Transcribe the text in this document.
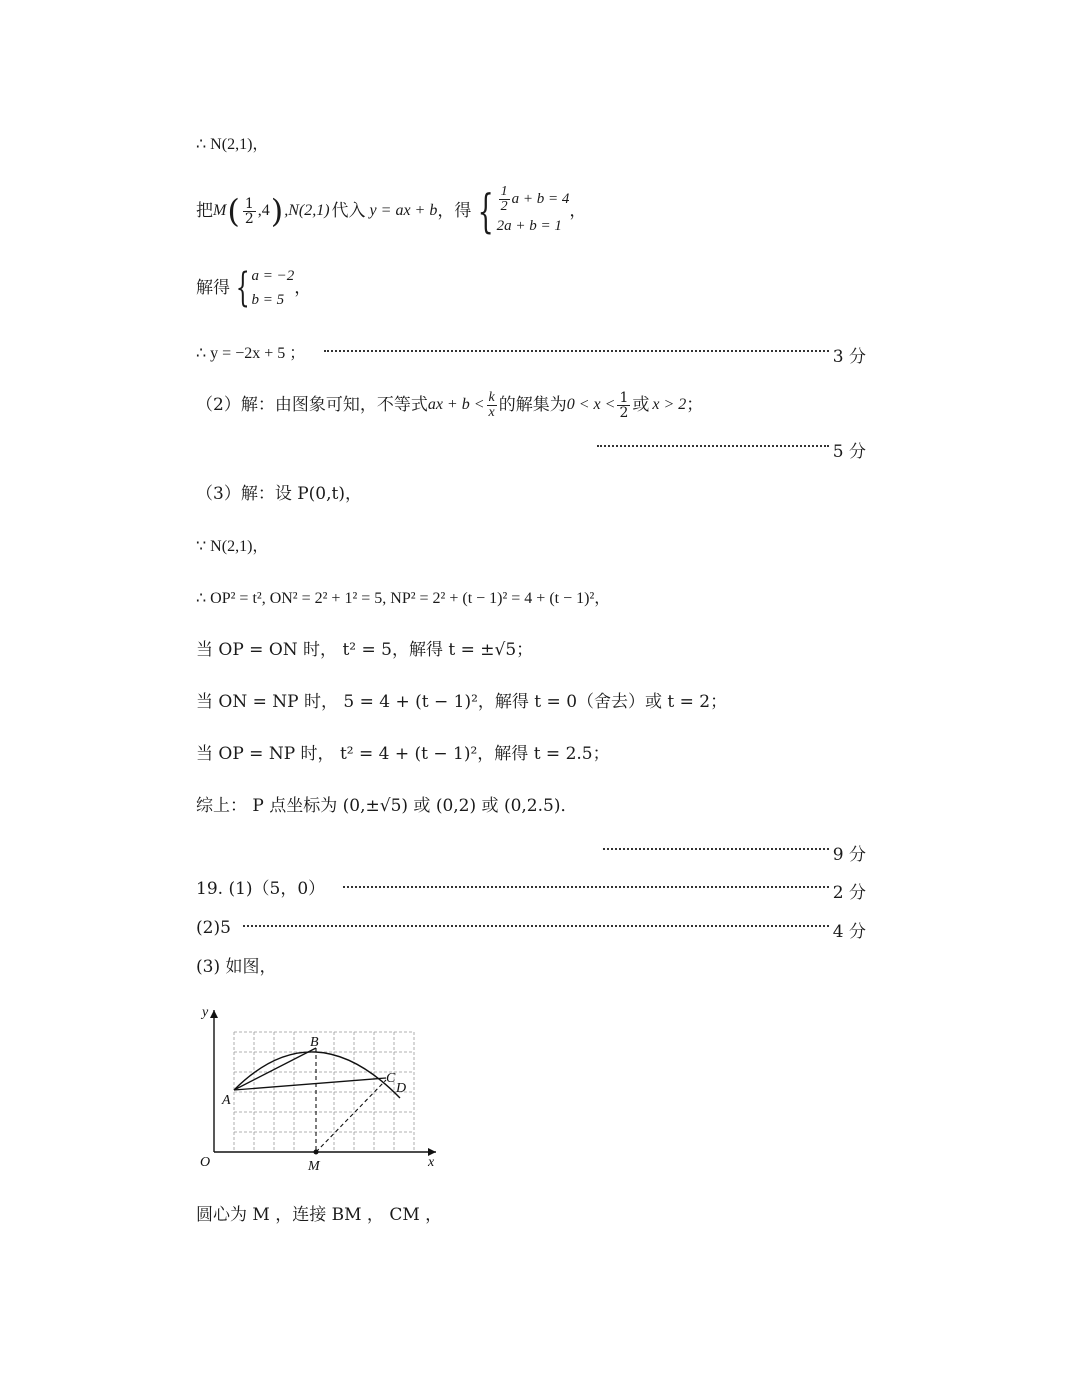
∴ N(2,1)，
把 M ( $\frac{1}{2} ,4$ ) ,N(2,1) 代入 y = ax + b ，得 { $\frac{1}{2}$ a + b = 4
2a + b = 1
，
解得 { a = −2
b = 5
，
∴ y = −2x + 5 ；	3 分
（2）解：由图象可知，不等式 ax + $b < \frac{k}{x}$ 的解集为 $0 < x < \frac{1}{2}$ 或 x > 2 ；
5 分
（3）解：设 P(0,t)，
∵ N(2,1)，
∴ OP² = t², ON² = 2² + 1² = 5, NP² = 2² + (t − 1)² = 4 + (t − 1)²，
当 OP = ON 时， t² = 5，解得 t = ±√5；
当 ON = NP 时， 5 = 4 + (t − 1)²，解得 t = 0（舍去）或 t = 2；
当 OP = NP 时， t² = 4 + (t − 1)²，解得 t = 2.5；
综上： P 点坐标为 (0,±√5) 或 (0,2) 或 (0,2.5)．
9 分
19. (1)（5，0）	2 分
(2)5	4 分
(3) 如图，
y
x
O
A
B
C
D
M
圆心为 M ，连接 BM ， CM ，
